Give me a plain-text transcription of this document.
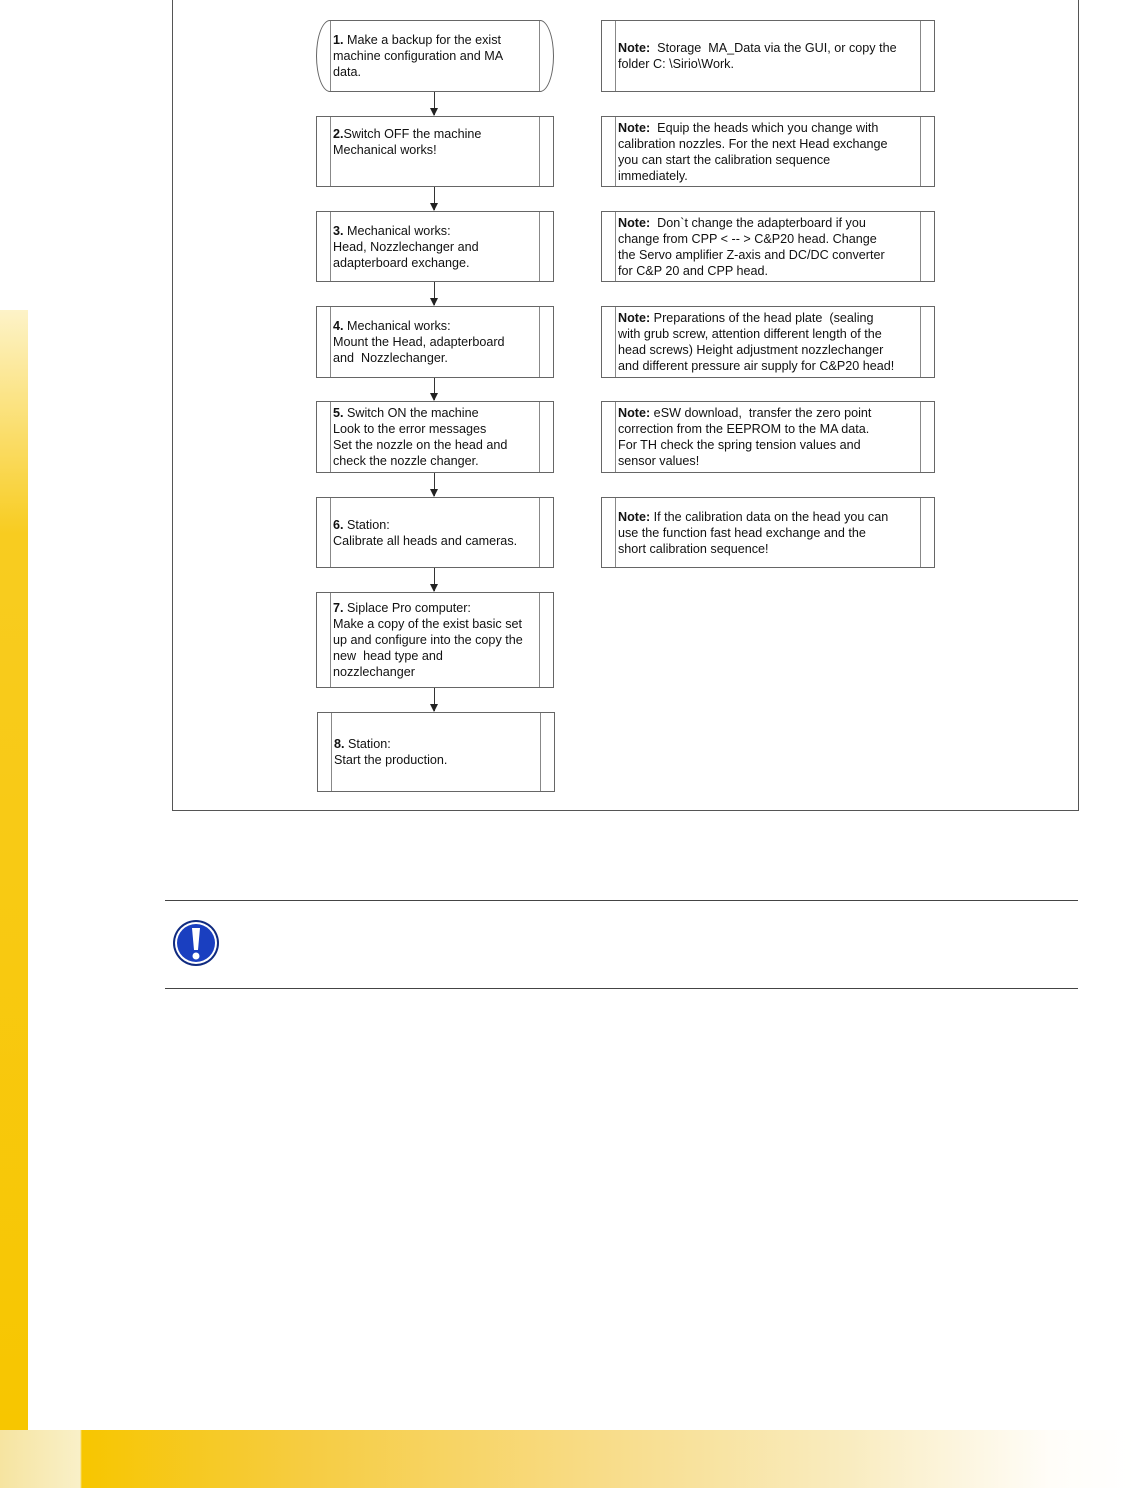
1. Make a backup for the exist
machine configuration and MA
data.
2.Switch OFF the machine
Mechanical works!
3. Mechanical works:
Head, Nozzlechanger and
adapterboard exchange.
4. Mechanical works:
Mount the Head, adapterboard
and  Nozzlechanger.
5. Switch ON the machine
Look to the error messages
Set the nozzle on the head and
check the nozzle changer.
6. Station:
Calibrate all heads and cameras.
7. Siplace Pro computer:
Make a copy of the exist basic set
up and configure into the copy the
new  head type and
nozzlechanger
8. Station:
Start the production.
Note:  Storage  MA_Data via the GUI, or copy the
folder C: \Sirio\Work.
Note:  Equip the heads which you change with
calibration nozzles. For the next Head exchange
you can start the calibration sequence
immediately.
Note:  Don`t change the adapterboard if you
change from CPP < -- > C&P20 head. Change
the Servo amplifier Z-axis and DC/DC converter
for C&P 20 and CPP head.
Note: Preparations of the head plate  (sealing
with grub screw, attention different length of the
head screws) Height adjustment nozzlechanger
and different pressure air supply for C&P20 head!
Note: eSW download,  transfer the zero point
correction from the EEPROM to the MA data.
For TH check the spring tension values and
sensor values!
Note: If the calibration data on the head you can
use the function fast head exchange and the
short calibration sequence!
